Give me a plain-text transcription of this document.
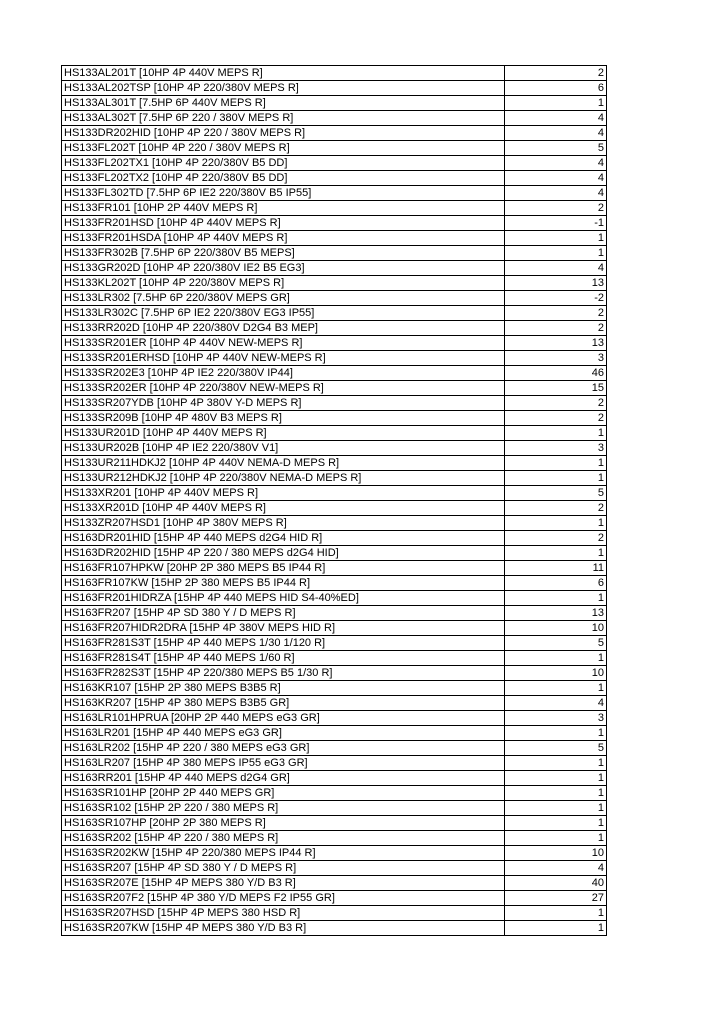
HS133AL201T [10HP 4P 440V MEPS R]	2
HS133AL202TSP [10HP 4P 220/380V MEPS R]	6
HS133AL301T [7.5HP 6P 440V MEPS R]	1
HS133AL302T [7.5HP 6P 220 / 380V MEPS R]	4
HS133DR202HID [10HP 4P 220 / 380V MEPS R]	4
HS133FL202T [10HP 4P 220 / 380V MEPS R]	5
HS133FL202TX1 [10HP 4P 220/380V B5 DD]	4
HS133FL202TX2 [10HP 4P 220/380V B5 DD]	4
HS133FL302TD [7.5HP 6P IE2 220/380V B5 IP55]	4
HS133FR101 [10HP 2P 440V MEPS R]	2
HS133FR201HSD [10HP 4P 440V MEPS R]	-1
HS133FR201HSDA [10HP 4P 440V MEPS R]	1
HS133FR302B [7.5HP 6P 220/380V B5 MEPS]	1
HS133GR202D [10HP 4P 220/380V IE2 B5 EG3]	4
HS133KL202T [10HP 4P 220/380V MEPS R]	13
HS133LR302 [7.5HP 6P 220/380V MEPS GR]	-2
HS133LR302C [7.5HP 6P IE2 220/380V EG3 IP55]	2
HS133RR202D [10HP 4P 220/380V D2G4 B3 MEP]	2
HS133SR201ER [10HP 4P 440V NEW-MEPS R]	13
HS133SR201ERHSD [10HP 4P 440V NEW-MEPS R]	3
HS133SR202E3 [10HP 4P IE2 220/380V IP44]	46
HS133SR202ER [10HP 4P 220/380V NEW-MEPS R]	15
HS133SR207YDB [10HP 4P 380V Y-D MEPS R]	2
HS133SR209B [10HP 4P 480V B3 MEPS R]	2
HS133UR201D [10HP 4P 440V MEPS R]	1
HS133UR202B [10HP 4P IE2 220/380V V1]	3
HS133UR211HDKJ2 [10HP 4P 440V NEMA-D MEPS R]	1
HS133UR212HDKJ2 [10HP 4P 220/380V NEMA-D MEPS R]	1
HS133XR201 [10HP 4P 440V MEPS R]	5
HS133XR201D [10HP 4P 440V MEPS R]	2
HS133ZR207HSD1 [10HP 4P 380V MEPS R]	1
HS163DR201HID [15HP 4P 440 MEPS d2G4 HID R]	2
HS163DR202HID [15HP 4P 220 / 380 MEPS d2G4 HID]	1
HS163FR107HPKW [20HP 2P 380 MEPS B5 IP44 R]	11
HS163FR107KW [15HP 2P 380 MEPS B5 IP44 R]	6
HS163FR201HIDRZA [15HP 4P 440 MEPS HID S4-40%ED]	1
HS163FR207 [15HP 4P SD 380 Y / D MEPS R]	13
HS163FR207HIDR2DRA [15HP 4P 380V MEPS HID R]	10
HS163FR281S3T [15HP 4P 440 MEPS 1/30 1/120 R]	5
HS163FR281S4T [15HP 4P 440 MEPS 1/60 R]	1
HS163FR282S3T [15HP 4P 220/380 MEPS B5 1/30 R]	10
HS163KR107 [15HP 2P 380 MEPS B3B5 R]	1
HS163KR207 [15HP 4P 380 MEPS B3B5 GR]	4
HS163LR101HPRUA [20HP 2P 440 MEPS eG3 GR]	3
HS163LR201 [15HP 4P 440 MEPS eG3 GR]	1
HS163LR202 [15HP 4P 220 / 380 MEPS eG3 GR]	5
HS163LR207 [15HP 4P 380 MEPS IP55 eG3 GR]	1
HS163RR201 [15HP 4P 440 MEPS d2G4 GR]	1
HS163SR101HP [20HP 2P 440 MEPS GR]	1
HS163SR102 [15HP 2P 220 / 380 MEPS R]	1
HS163SR107HP [20HP 2P 380 MEPS R]	1
HS163SR202 [15HP 4P 220 / 380 MEPS R]	1
HS163SR202KW [15HP 4P 220/380 MEPS IP44 R]	10
HS163SR207 [15HP 4P SD 380 Y / D MEPS R]	4
HS163SR207E [15HP 4P MEPS 380 Y/D B3 R]	40
HS163SR207F2 [15HP 4P 380 Y/D MEPS F2 IP55 GR]	27
HS163SR207HSD [15HP 4P MEPS 380 HSD R]	1
HS163SR207KW [15HP 4P MEPS 380 Y/D B3 R]	1
